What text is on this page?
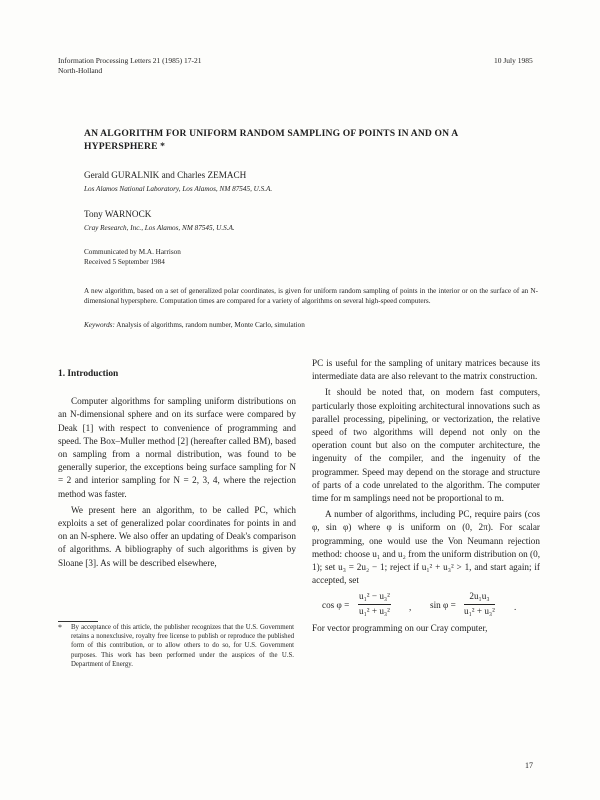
Information Processing Letters 21 (1985) 17-21
North-Holland
10 July 1985
AN ALGORITHM FOR UNIFORM RANDOM SAMPLING OF POINTS IN AND ON A HYPERSPHERE *
Gerald GURALNIK and Charles ZEMACH
Los Alamos National Laboratory, Los Alamos, NM 87545, U.S.A.
Tony WARNOCK
Cray Research, Inc., Los Alamos, NM 87545, U.S.A.
Communicated by M.A. Harrison
Received 5 September 1984
A new algorithm, based on a set of generalized polar coordinates, is given for uniform random sampling of points in the interior or on the surface of an N-dimensional hypersphere. Computation times are compared for a variety of algorithms on several high-speed computers.
Keywords: Analysis of algorithms, random number, Monte Carlo, simulation
1. Introduction

Computer algorithms for sampling uniform distributions on an N-dimensional sphere and on its surface were compared by Deak [1] with respect to convenience of programming and speed. The Box–Muller method [2] (hereafter called BM), based on sampling from a normal distribution, was found to be generally superior, the exceptions being surface sampling for N = 2 and interior sampling for N = 2, 3, 4, where the rejection method was faster.

We present here an algorithm, to be called PC, which exploits a set of generalized polar coordinates for points in and on an N-sphere. We also offer an updating of Deak's comparison of algorithms. A bibliography of such algorithms is given by Sloane [3]. As will be described elsewhere,

*	By acceptance of this article, the publisher recognizes that the U.S. Government retains a nonexclusive, royalty free license to publish or reproduce the published form of this contribution, or to allow others to do so, for U.S. Government purposes. This work has been performed under the auspices of the U.S. Department of Energy.

PC is useful for the sampling of unitary matrices because its intermediate data are also relevant to the matrix construction.

It should be noted that, on modern fast computers, particularly those exploiting architectural innovations such as parallel processing, pipelining, or vectorization, the relative speed of two algorithms will depend not only on the operation count but also on the computer architecture, the ingenuity of the compiler, and the ingenuity of the programmer. Speed may depend on the storage and structure of parts of a code unrelated to the algorithm. The computer time for m samplings need not be proportional to m.

A number of algorithms, including PC, require pairs (cos φ, sin φ) where φ is uniform on (0, 2π). For scalar programming, one would use the Von Neumann rejection method: choose u₁ and u₂ from the uniform distribution on (0, 1); set u₃ = 2u₂ − 1; reject if u₁² + u₃² > 1, and start again; if accepted, set

$\cos \varphi = \frac{\text{u₁² − u₃²}}{\text{u₁² + u₃²}}$ , $\sin \varphi = \frac{\text{2u₁u₃}}{\text{u₁² + u₃²}}$ .

For vector programming on our Cray computer,

17
